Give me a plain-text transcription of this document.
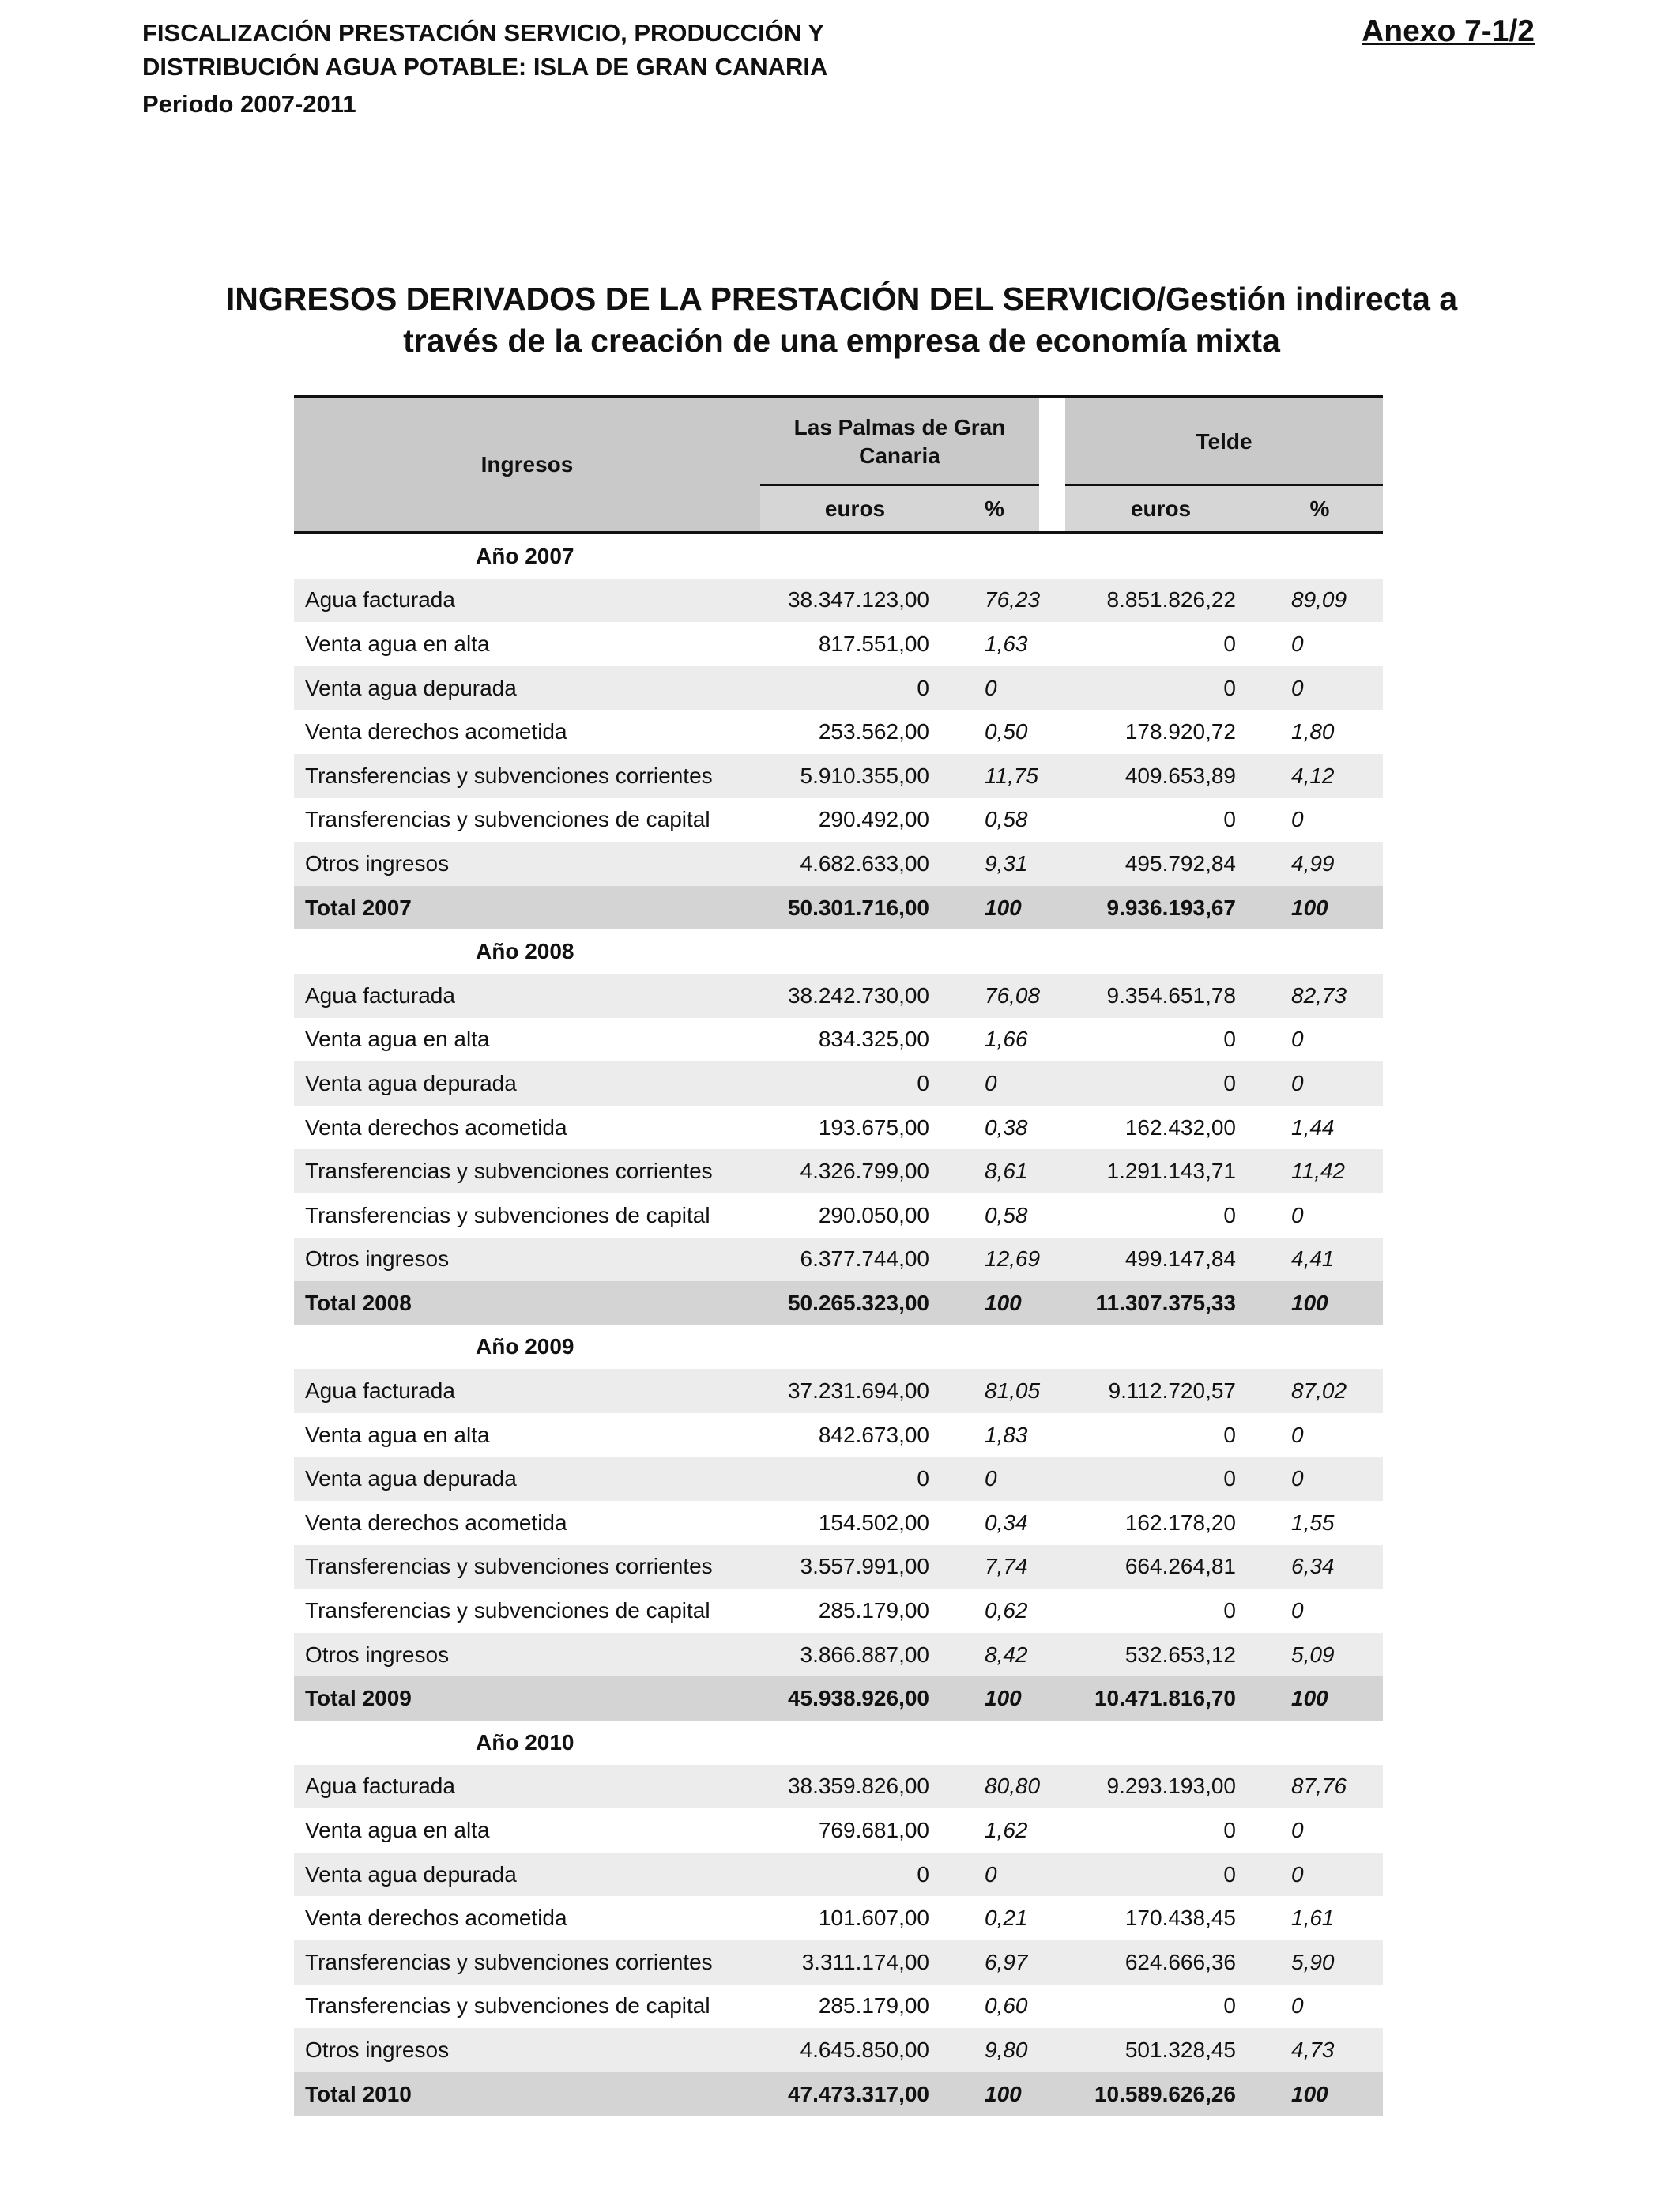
FISCALIZACIÓN PRESTACIÓN SERVICIO, PRODUCCIÓN Y
DISTRIBUCIÓN AGUA POTABLE: ISLA DE GRAN CANARIA
Periodo 2007-2011
Anexo 7-1/2
INGRESOS DERIVADOS DE LA PRESTACIÓN DEL SERVICIO/Gestión indirecta a
través de la creación de una empresa de economía mixta
Ingresos	Las Palmas de Gran Canaria			Telde	
	euros	%		euros	%
Año 2007					
Agua facturada	38.347.123,00	76,23		8.851.826,22	89,09
Venta agua en alta	817.551,00	1,63		0	0
Venta agua depurada	0	0		0	0
Venta derechos acometida	253.562,00	0,50		178.920,72	1,80
Transferencias y subvenciones corrientes	5.910.355,00	11,75		409.653,89	4,12
Transferencias y subvenciones de capital	290.492,00	0,58		0	0
Otros ingresos	4.682.633,00	9,31		495.792,84	4,99
Total 2007	50.301.716,00	100		9.936.193,67	100
Año 2008					
Agua facturada	38.242.730,00	76,08		9.354.651,78	82,73
Venta agua en alta	834.325,00	1,66		0	0
Venta agua depurada	0	0		0	0
Venta derechos acometida	193.675,00	0,38		162.432,00	1,44
Transferencias y subvenciones corrientes	4.326.799,00	8,61		1.291.143,71	11,42
Transferencias y subvenciones de capital	290.050,00	0,58		0	0
Otros ingresos	6.377.744,00	12,69		499.147,84	4,41
Total 2008	50.265.323,00	100		11.307.375,33	100
Año 2009					
Agua facturada	37.231.694,00	81,05		9.112.720,57	87,02
Venta agua en alta	842.673,00	1,83		0	0
Venta agua depurada	0	0		0	0
Venta derechos acometida	154.502,00	0,34		162.178,20	1,55
Transferencias y subvenciones corrientes	3.557.991,00	7,74		664.264,81	6,34
Transferencias y subvenciones de capital	285.179,00	0,62		0	0
Otros ingresos	3.866.887,00	8,42		532.653,12	5,09
Total 2009	45.938.926,00	100		10.471.816,70	100
Año 2010					
Agua facturada	38.359.826,00	80,80		9.293.193,00	87,76
Venta agua en alta	769.681,00	1,62		0	0
Venta agua depurada	0	0		0	0
Venta derechos acometida	101.607,00	0,21		170.438,45	1,61
Transferencias y subvenciones corrientes	3.311.174,00	6,97		624.666,36	5,90
Transferencias y subvenciones de capital	285.179,00	0,60		0	0
Otros ingresos	4.645.850,00	9,80		501.328,45	4,73
Total 2010	47.473.317,00	100		10.589.626,26	100
